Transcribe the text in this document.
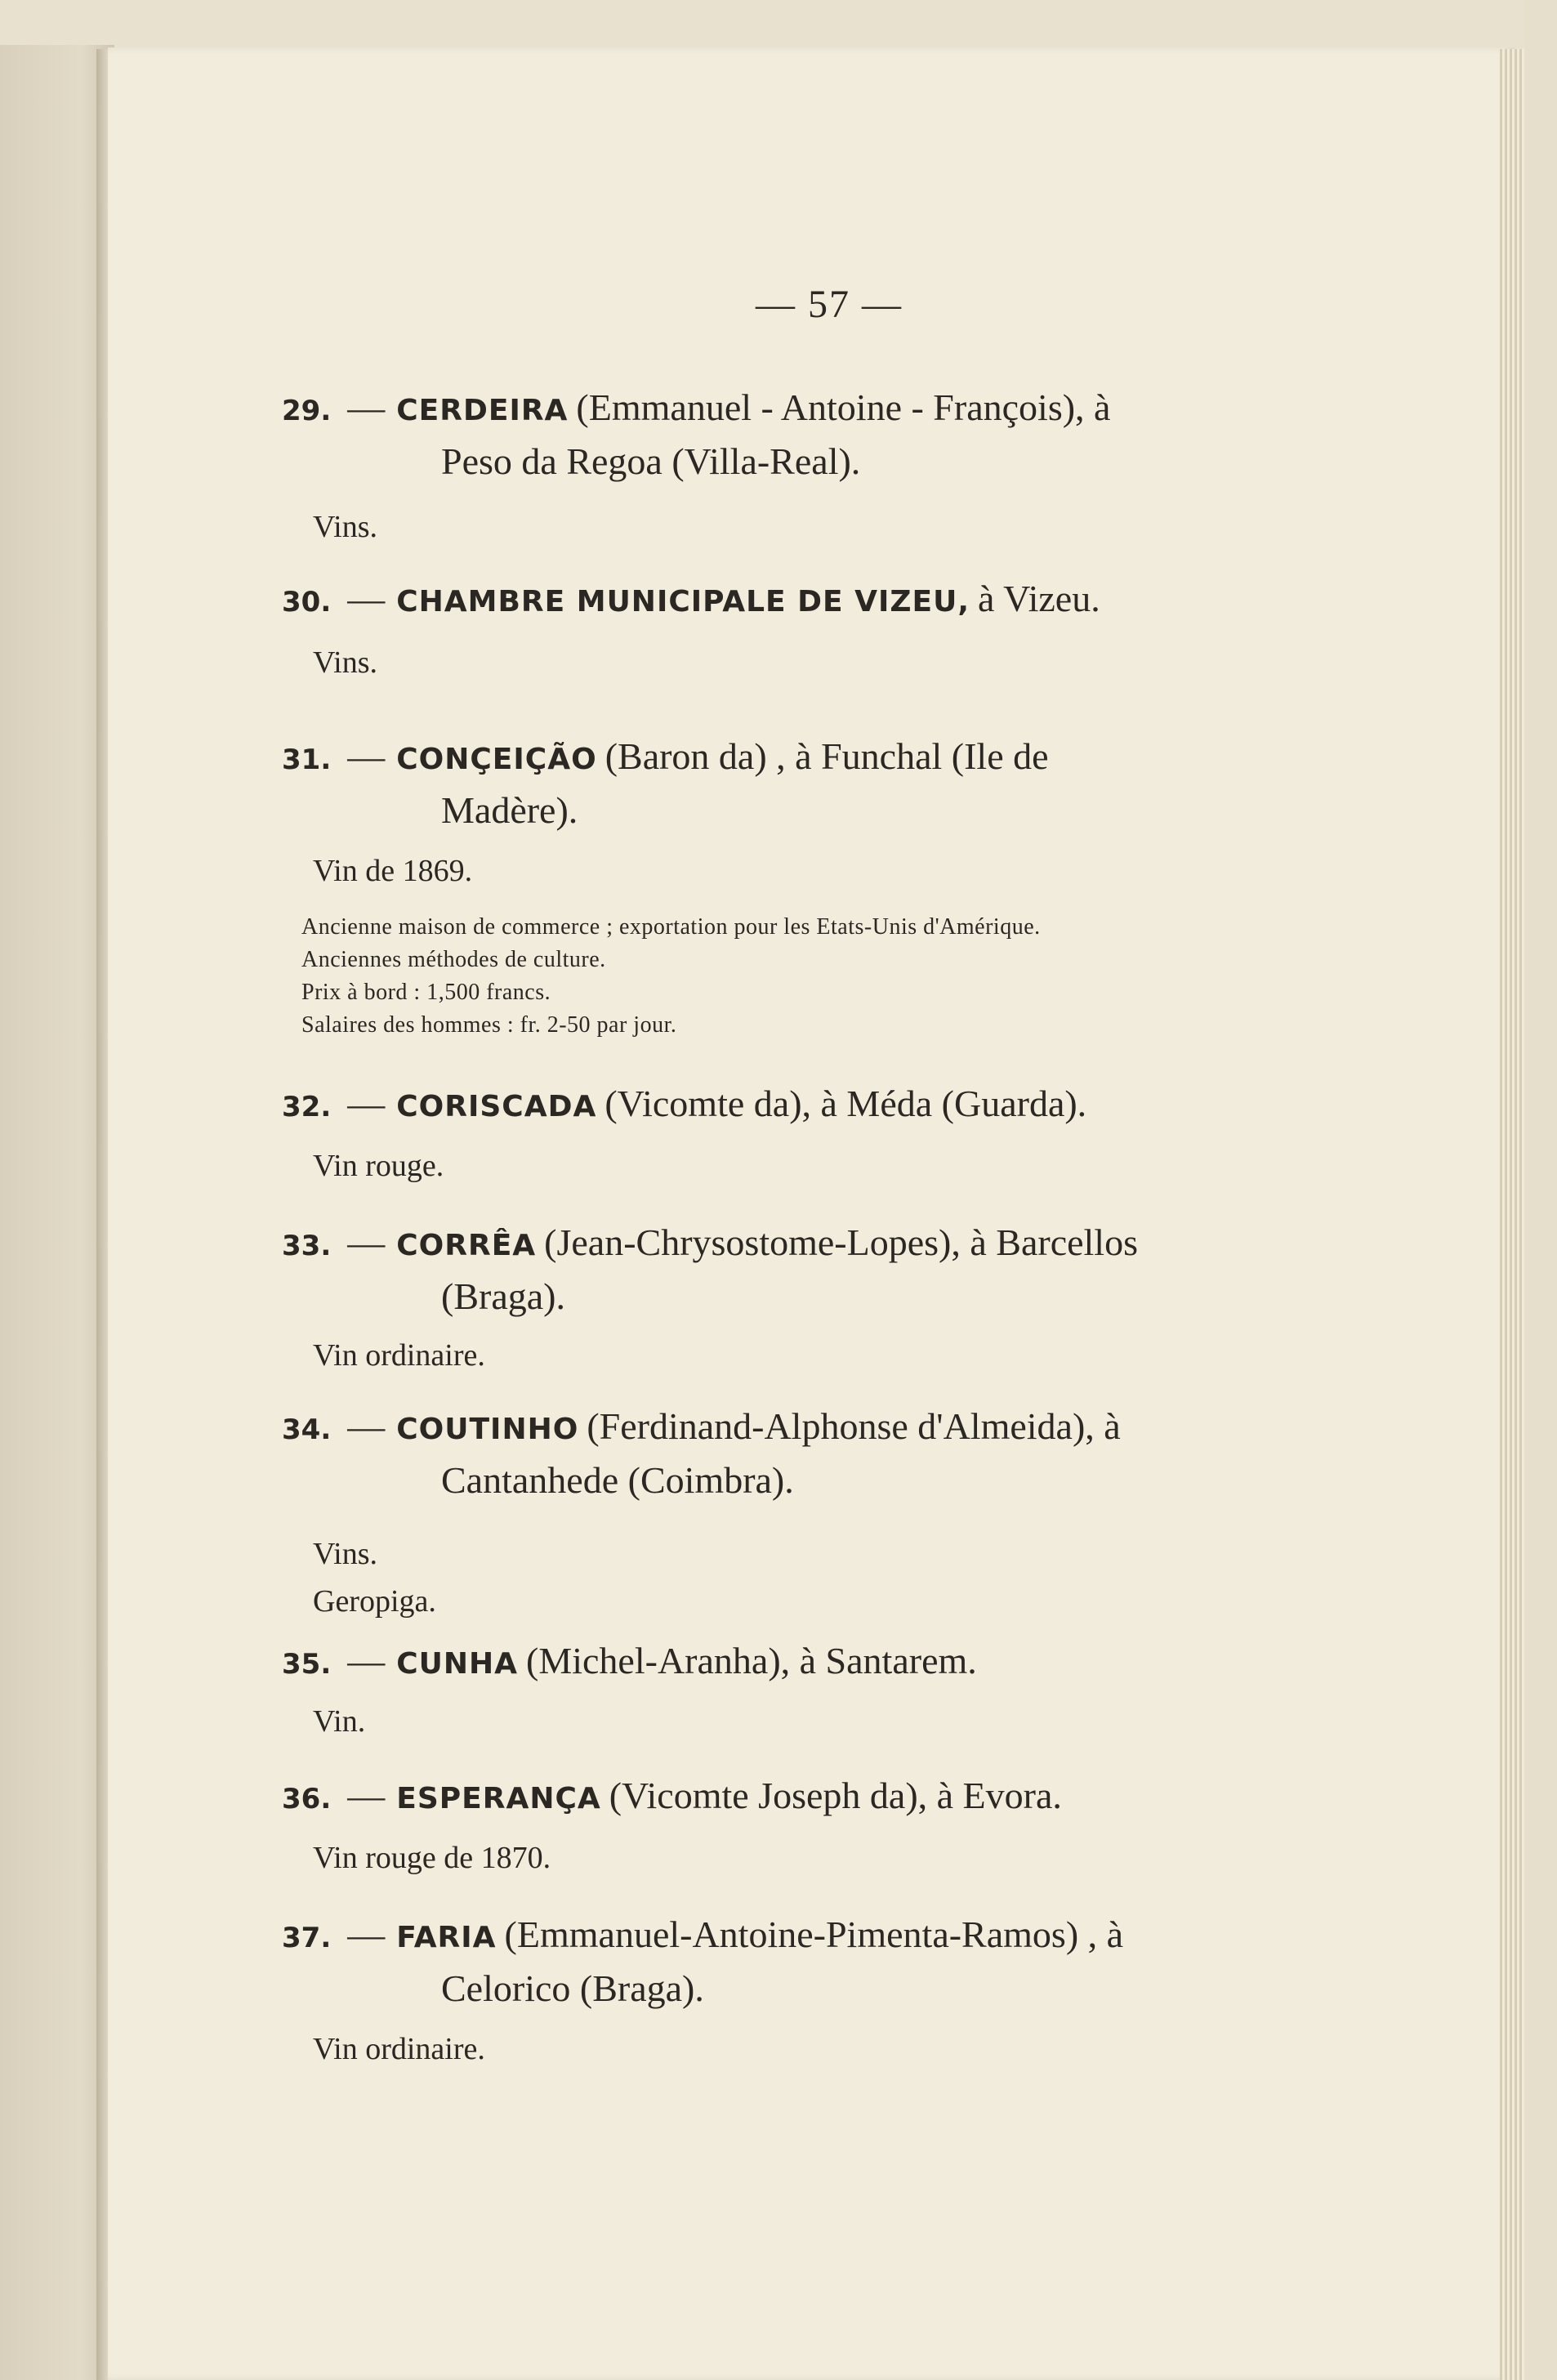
— 57 —
29. — CERDEIRA (Emmanuel - Antoine - François), à
Peso da Regoa (Villa-Real).
Vins.
30. — CHAMBRE MUNICIPALE DE VIZEU, à Vizeu.
Vins.
31. — CONÇEIÇÃO (Baron da) , à Funchal (Ile de
Madère).
Vin de 1869.
Ancienne maison de commerce ; exportation pour les Etats-Unis d'Amérique.
Anciennes méthodes de culture.
Prix à bord : 1,500 francs.
Salaires des hommes : fr. 2-50 par jour.
32. — CORISCADA (Vicomte da), à Méda (Guarda).
Vin rouge.
33. — CORRÊA (Jean-Chrysostome-Lopes), à Barcellos
(Braga).
Vin ordinaire.
34. — COUTINHO (Ferdinand-Alphonse d'Almeida), à
Cantanhede (Coimbra).
Vins.
Geropiga.
35. — CUNHA (Michel-Aranha), à Santarem.
Vin.
36. — ESPERANÇA (Vicomte Joseph da), à Evora.
Vin rouge de 1870.
37. — FARIA (Emmanuel-Antoine-Pimenta-Ramos) , à
Celorico (Braga).
Vin ordinaire.
